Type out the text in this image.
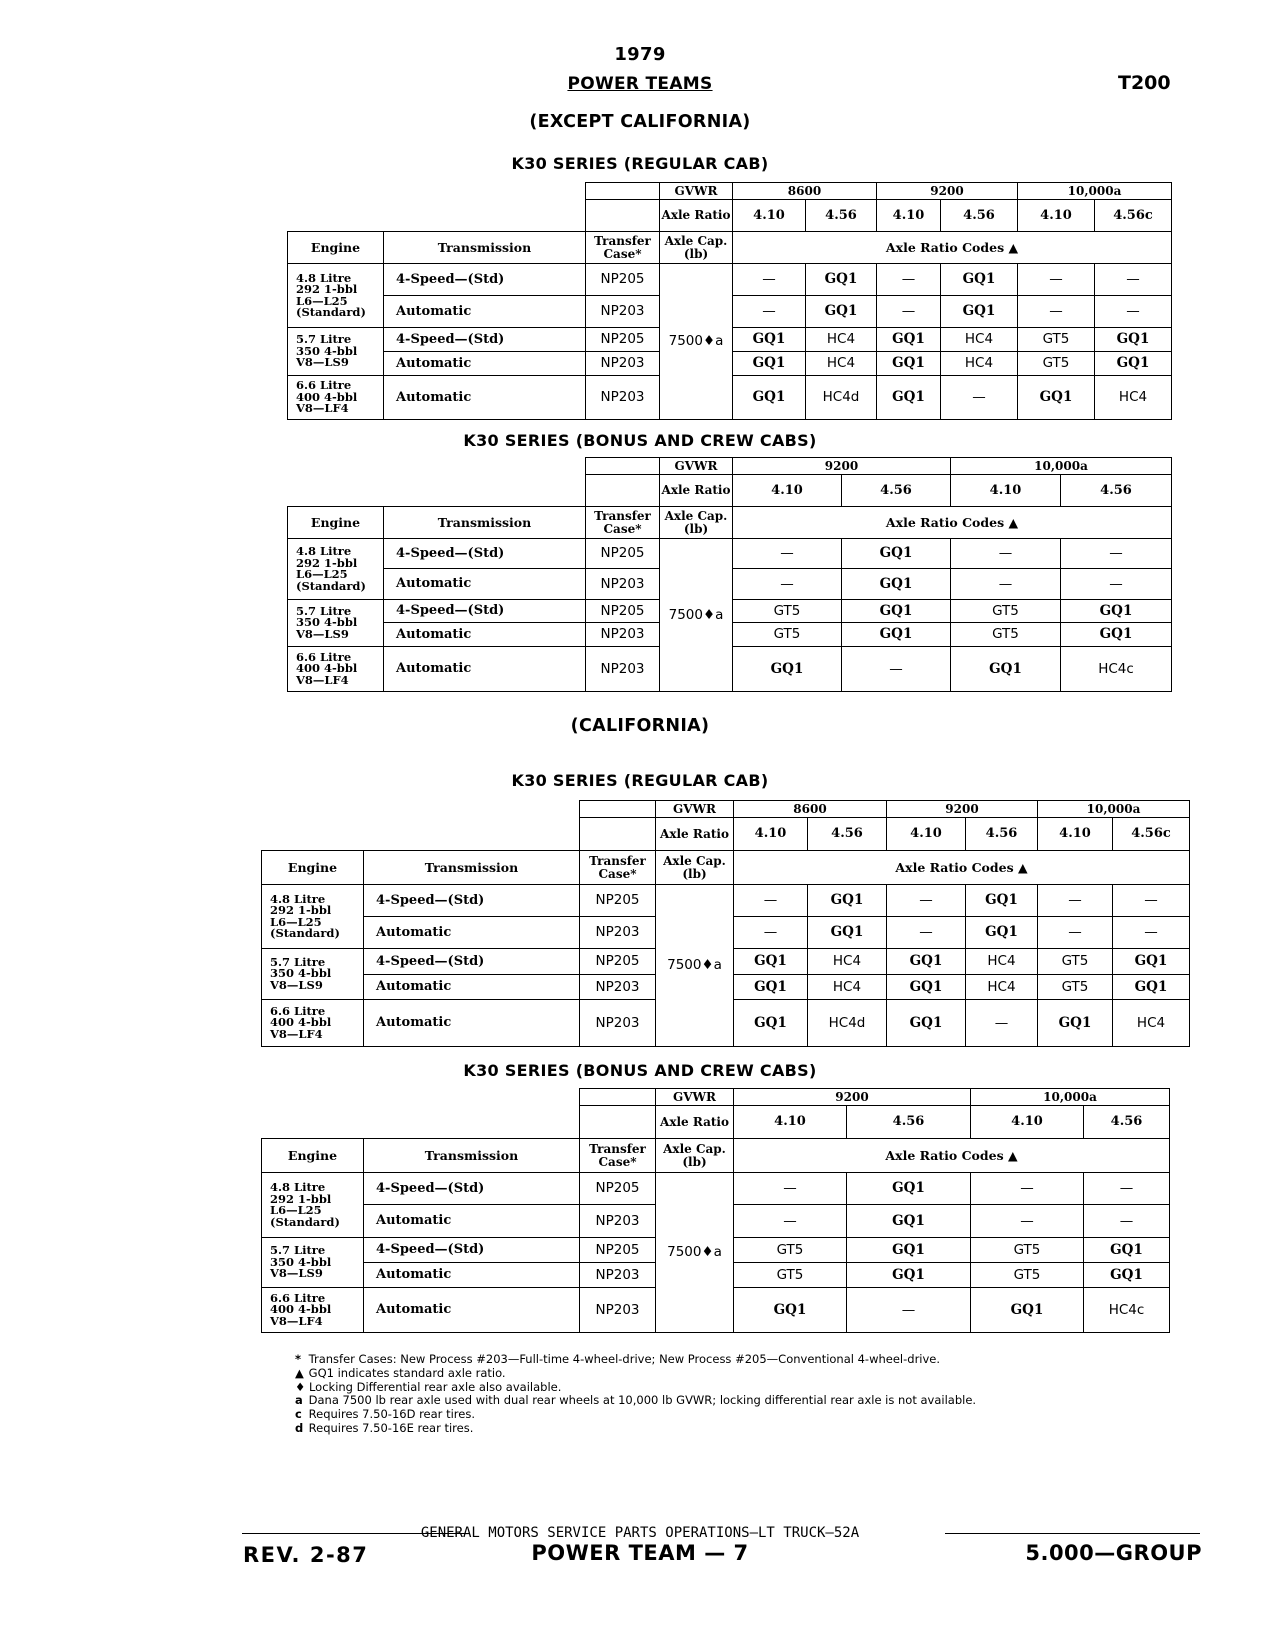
1979
POWER TEAMS	T200
(EXCEPT CALIFORNIA)
K30 SERIES (REGULAR CAB)
			GVWR	8600		9200		10,000a	
			Axle Ratio	4.10	4.56	4.10	4.56	4.10	4.56c
Engine	Transmission	Transfer Case*	Axle Cap. (lb)	Axle Ratio Codes ▲					
4.8 Litre
292 1-bbl
L6—L25
(Standard)	4-Speed—(Std)	NP205	7500♦a	—	GQ1	—	GQ1	—	—
	Automatic	NP203		—	GQ1	—	GQ1	—	—
5.7 Litre
350 4-bbl
V8—LS9	4-Speed—(Std)	NP205		GQ1	HC4	GQ1	HC4	GT5	GQ1
	Automatic	NP203		GQ1	HC4	GQ1	HC4	GT5	GQ1
6.6 Litre
400 4-bbl
V8—LF4	Automatic	NP203		GQ1	HC4d	GQ1	—	GQ1	HC4
K30 SERIES (BONUS AND CREW CABS)
			GVWR	9200		10,000a	
			Axle Ratio	4.10	4.56	4.10	4.56
Engine	Transmission	Transfer Case*	Axle Cap. (lb)	Axle Ratio Codes ▲			
4.8 Litre
292 1-bbl
L6—L25
(Standard)	4-Speed—(Std)	NP205	7500♦a	—	GQ1	—	—
	Automatic	NP203		—	GQ1	—	—
5.7 Litre
350 4-bbl
V8—LS9	4-Speed—(Std)	NP205		GT5	GQ1	GT5	GQ1
	Automatic	NP203		GT5	GQ1	GT5	GQ1
6.6 Litre
400 4-bbl
V8—LF4	Automatic	NP203		GQ1	—	GQ1	HC4c
(CALIFORNIA)
K30 SERIES (REGULAR CAB)
			GVWR	8600		9200		10,000a	
			Axle Ratio	4.10	4.56	4.10	4.56	4.10	4.56c
Engine	Transmission	Transfer Case*	Axle Cap. (lb)	Axle Ratio Codes ▲					
4.8 Litre
292 1-bbl
L6—L25
(Standard)	4-Speed—(Std)	NP205	7500♦a	—	GQ1	—	GQ1	—	—
	Automatic	NP203		—	GQ1	—	GQ1	—	—
5.7 Litre
350 4-bbl
V8—LS9	4-Speed—(Std)	NP205		GQ1	HC4	GQ1	HC4	GT5	GQ1
	Automatic	NP203		GQ1	HC4	GQ1	HC4	GT5	GQ1
6.6 Litre
400 4-bbl
V8—LF4	Automatic	NP203		GQ1	HC4d	GQ1	—	GQ1	HC4
K30 SERIES (BONUS AND CREW CABS)
			GVWR	9200		10,000a	
			Axle Ratio	4.10	4.56	4.10	4.56
Engine	Transmission	Transfer Case*	Axle Cap. (lb)	Axle Ratio Codes ▲			
4.8 Litre
292 1-bbl
L6—L25
(Standard)	4-Speed—(Std)	NP205	7500♦a	—	GQ1	—	—
	Automatic	NP203		—	GQ1	—	—
5.7 Litre
350 4-bbl
V8—LS9	4-Speed—(Std)	NP205		GT5	GQ1	GT5	GQ1
	Automatic	NP203		GT5	GQ1	GT5	GQ1
6.6 Litre
400 4-bbl
V8—LF4	Automatic	NP203		GQ1	—	GQ1	HC4c
* Transfer Cases: New Process #203—Full-time 4-wheel-drive; New Process #205—Conventional 4-wheel-drive.
▲ GQ1 indicates standard axle ratio.
♦ Locking Differential rear axle also available.
a Dana 7500 lb rear axle used with dual rear wheels at 10,000 lb GVWR; locking differential rear axle is not available.
c Requires 7.50-16D rear tires.
d Requires 7.50-16E rear tires.
GENERAL MOTORS SERVICE PARTS OPERATIONS—LT TRUCK—52A
REV. 2-87	POWER TEAM — 7	5.000—GROUP
